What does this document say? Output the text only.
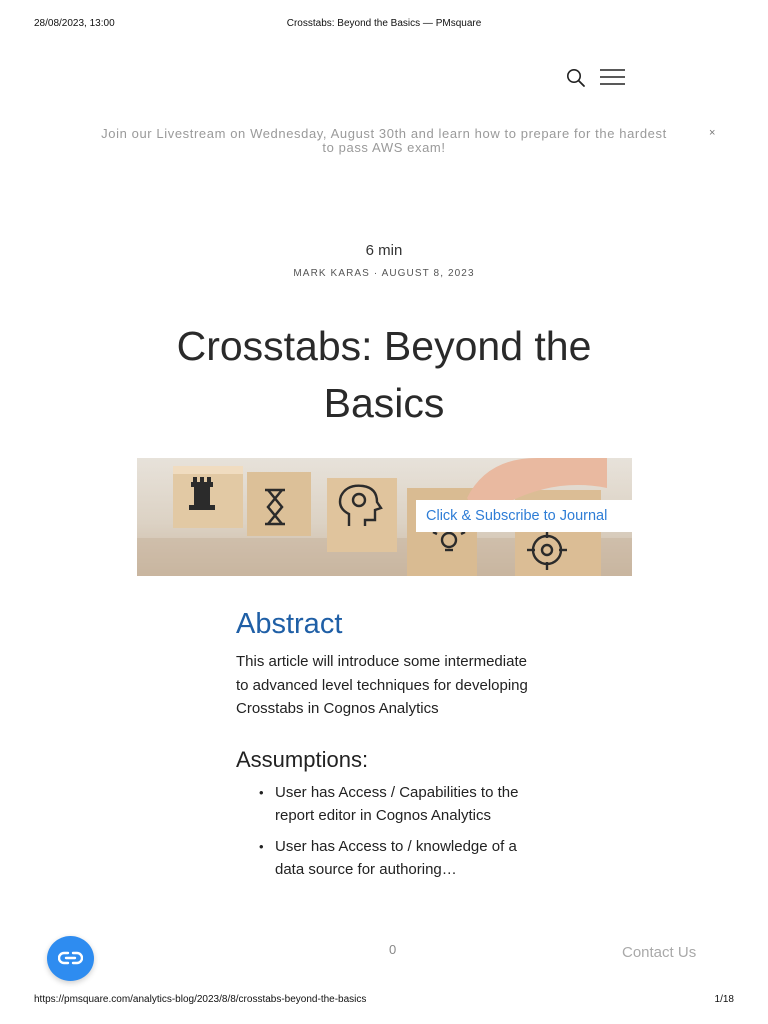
28/08/2023, 13:00	Crosstabs: Beyond the Basics — PMsquare
Join our Livestream on Wednesday, August 30th and learn how to prepare for the hardest to pass AWS exam!
×
6 min
MARK KARAS · AUGUST 8, 2023
Crosstabs: Beyond the Basics
Click & Subscribe to Journal
Abstract

This article will introduce some intermediate to advanced level techniques for developing Crosstabs in Cognos Analytics

Assumptions:
• User has Access / Capabilities to the report editor in Cognos Analytics
• User has Access to / knowledge of a data source for authoring…
0	Contact Us
https://pmsquare.com/analytics-blog/2023/8/8/crosstabs-beyond-the-basics	1/18
